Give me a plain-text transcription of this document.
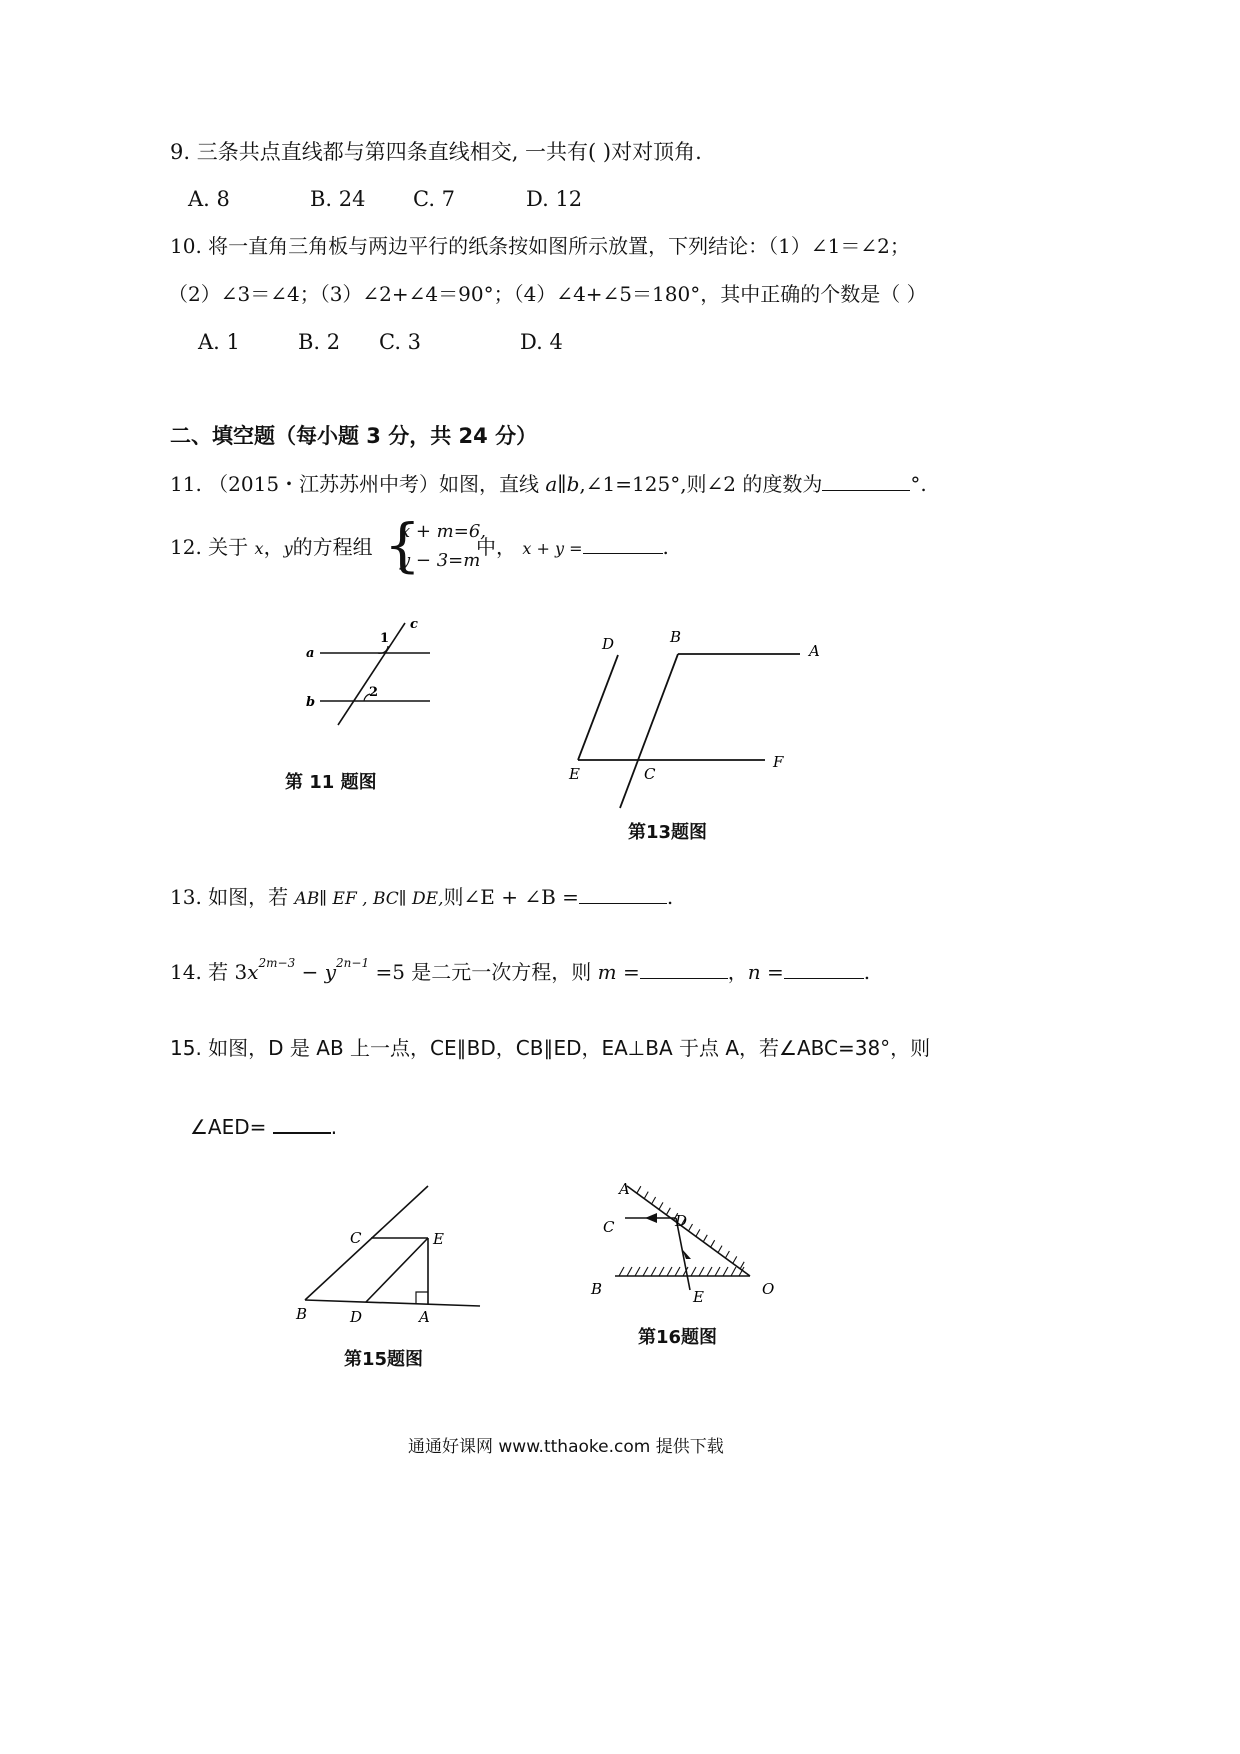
9. 三条共点直线都与第四条直线相交, 一共有( )对对顶角.
A. 8	B. 24 C. 7	D. 12
10. 将一直角三角板与两边平行的纸条按如图所示放置，下列结论：（1）∠1＝∠2；
（2）∠3＝∠4；（3）∠2+∠4＝90°；（4）∠4+∠5＝180°，其中正确的个数是（ ）
A. 1	B. 2 C. 3	D. 4
二、填空题（每小题 3 分，共 24 分）
11. （2015・江苏苏州中考）如图，直线 a∥b,∠1=125°,则∠2 的度数为	°.
12. 关于 x，y的方程组 {
x + m=6,
y − 3=m
中， x + y =	.
a
b
c
1
2
第 11 题图
D	B
A
E	C
F
第13题图
13. 如图，若 AB∥ EF , BC∥ DE,则∠E + ∠B =	.
14. 若 $3x^{2m-3} - y^{2n-1} =5$ 是二元一次方程，则 m =	，n =	.
15. 如图，D 是 AB 上一点，CE∥BD，CB∥ED，EA⊥BA 于点 A，若∠ABC=38°，则
∠AED=	.
C	E
B	D	A
第15题图
A
C	D
B	E	O
第16题图
通通好课网 www.tthaoke.com 提供下载
